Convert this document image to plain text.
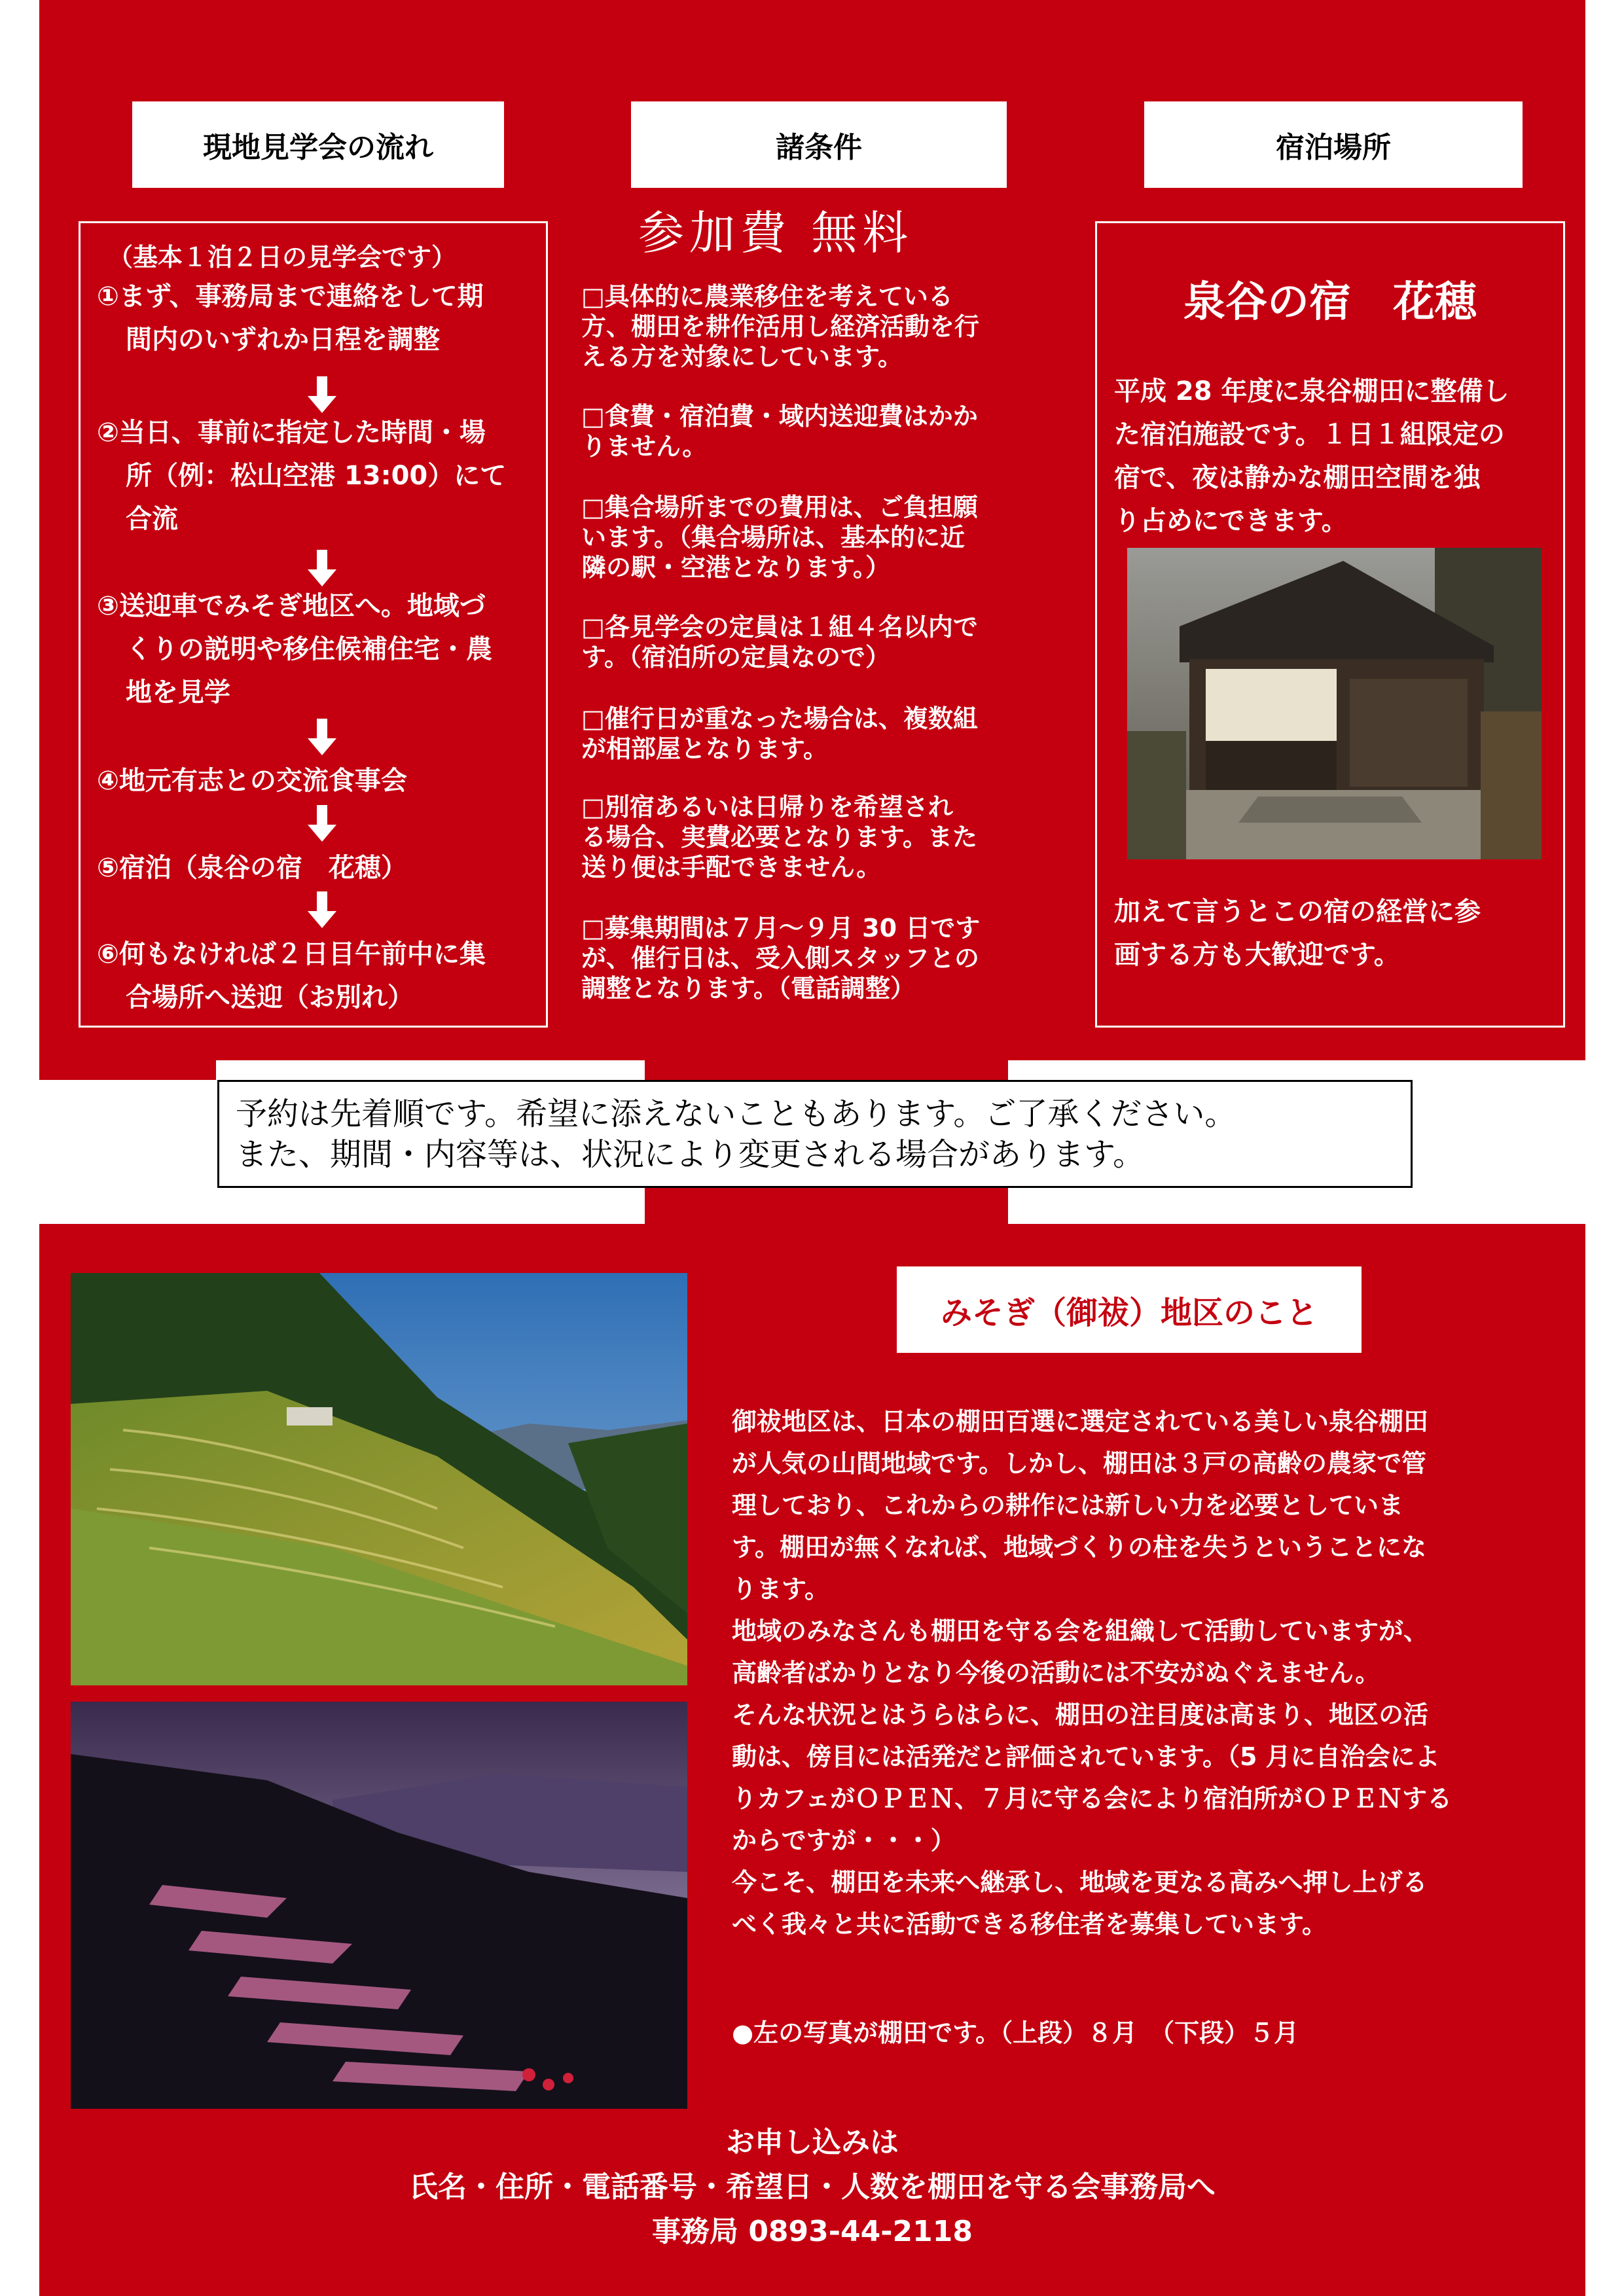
現地見学会の流れ	諸条件	宿泊場所
（基本１泊２日の見学会です）
①まず、事務局まで連絡をして期
間内のいずれか日程を調整
②当日、事前に指定した時間・場
所（例：松山空港 13:00）にて
合流
③送迎車でみそぎ地区へ。地域づ
くりの説明や移住候補住宅・農
地を見学
④地元有志との交流食事会
⑤宿泊（泉谷の宿　花穂）
⑥何もなければ２日目午前中に集
合場所へ送迎（お別れ）
参加費 無料
□具体的に農業移住を考えている
方、棚田を耕作活用し経済活動を行
える方を対象にしています。
□食費・宿泊費・域内送迎費はかか
りません。
□集合場所までの費用は、ご負担願
います。（集合場所は、基本的に近
隣の駅・空港となります。）
□各見学会の定員は１組４名以内で
す。（宿泊所の定員なので）
□催行日が重なった場合は、複数組
が相部屋となります。
□別宿あるいは日帰りを希望され
る場合、実費必要となります。また
送り便は手配できません。
□募集期間は７月～９月 30 日です
が、催行日は、受入側スタッフとの
調整となります。（電話調整）
泉谷の宿　花穂
平成 28 年度に泉谷棚田に整備し
た宿泊施設です。１日１組限定の
宿で、夜は静かな棚田空間を独
り占めにできます。
加えて言うとこの宿の経営に参
画する方も大歓迎です。
予約は先着順です。希望に添えないこともあります。ご了承ください。
また、期間・内容等は、状況により変更される場合があります。
みそぎ（御祓）地区のこと
御祓地区は、日本の棚田百選に選定されている美しい泉谷棚田
が人気の山間地域です。しかし、棚田は３戸の高齢の農家で管
理しており、これからの耕作には新しい力を必要としていま
す。棚田が無くなれば、地域づくりの柱を失うということにな
ります。
地域のみなさんも棚田を守る会を組織して活動していますが、
高齢者ばかりとなり今後の活動には不安がぬぐえません。
そんな状況とはうらはらに、棚田の注目度は高まり、地区の活
動は、傍目には活発だと評価されています。（5 月に自治会によ
りカフェがＯＰＥＮ、７月に守る会により宿泊所がＯＰＥＮする
からですが・・・）
今こそ、棚田を未来へ継承し、地域を更なる高みへ押し上げる
べく我々と共に活動できる移住者を募集しています。
●左の写真が棚田です。（上段）８月　（下段）５月
お申し込みは
氏名・住所・電話番号・希望日・人数を棚田を守る会事務局へ
事務局 0893-44-2118
